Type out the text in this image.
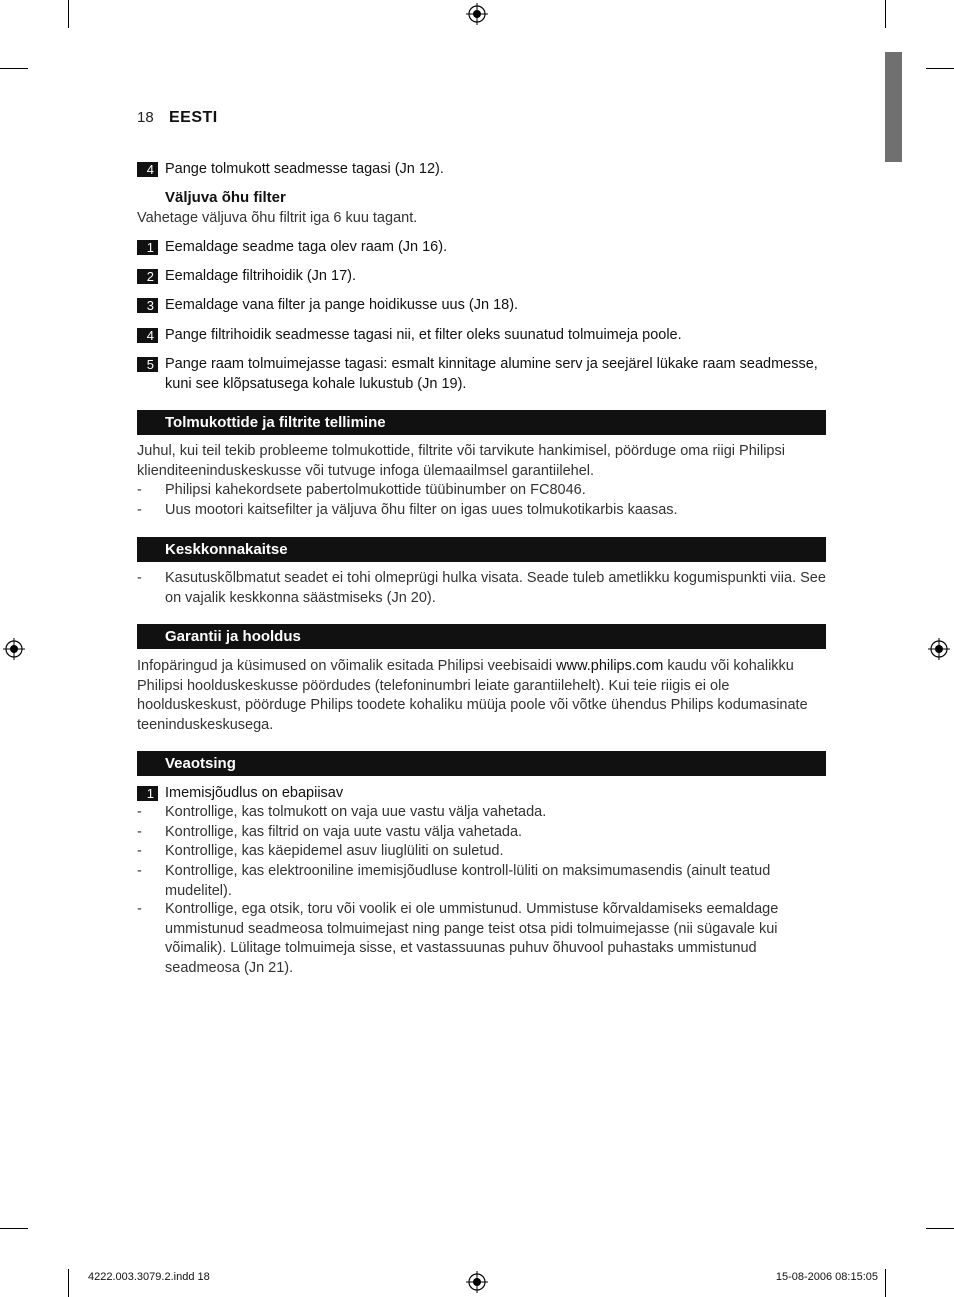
18 EESTI
4 Pange tolmukott seadmesse tagasi (Jn 12).
Väljuva õhu filter
Vahetage väljuva õhu filtrit iga 6 kuu tagant.
1 Eemaldage seadme taga olev raam (Jn 16).
2 Eemaldage filtrihoidik (Jn 17).
3 Eemaldage vana filter ja pange hoidikusse uus (Jn 18).
4 Pange filtrihoidik seadmesse tagasi nii, et filter oleks suunatud tolmuimeja poole.
5 Pange raam tolmuimejasse tagasi: esmalt kinnitage alumine serv ja seejärel lükake raam seadmesse, kuni see klõpsatusega kohale lukustub (Jn 19).
Tolmukottide ja filtrite tellimine
Juhul, kui teil tekib probleeme tolmukottide, filtrite või tarvikute hankimisel, pöörduge oma riigi Philipsi klienditeeninduskeskusse või tutvuge infoga ülemaailmsel garantiilehel.
- Philipsi kahekordsete pabertolmukottide tüübinumber on FC8046.
- Uus mootori kaitsefilter ja väljuva õhu filter on igas uues tolmukotikarbis kaasas.
Keskkonnakaitse
- Kasutuskõlbmatut seadet ei tohi olmeprügi hulka visata. Seade tuleb ametlikku kogumispunkti viia. See on vajalik keskkonna säästmiseks (Jn 20).
Garantii ja hooldus
Infopäringud ja küsimused on võimalik esitada Philipsi veebisaidi www.philips.com kaudu või kohalikku Philipsi hoolduskeskusse pöördudes (telefoninumbri leiate garantiilehelt). Kui teie riigis ei ole hoolduskeskust, pöörduge Philips toodete kohaliku müüja poole või võtke ühendus Philips kodumasinate teeninduskeskusega.
Veaotsing
1 Imemisjõudlus on ebapiisav
- Kontrollige, kas tolmukott on vaja uue vastu välja vahetada.
- Kontrollige, kas filtrid on vaja uute vastu välja vahetada.
- Kontrollige, kas käepidemel asuv liuglüliti on suletud.
- Kontrollige, kas elektrooniline imemisjõudluse kontroll-lüliti on maksimumasendis (ainult teatud mudelitel).
- Kontrollige, ega otsik, toru või voolik ei ole ummistunud. Ummistuse kõrvaldamiseks eemaldage ummistunud seadmeosa tolmuimejast ning pange teist otsa pidi tolmuimejasse (nii sügavale kui võimalik). Lülitage tolmuimeja sisse, et vastassuunas puhuv õhuvool puhastaks ummistunud seadmeosa (Jn 21).
4222.003.3079.2.indd 18	15-08-2006 08:15:05
